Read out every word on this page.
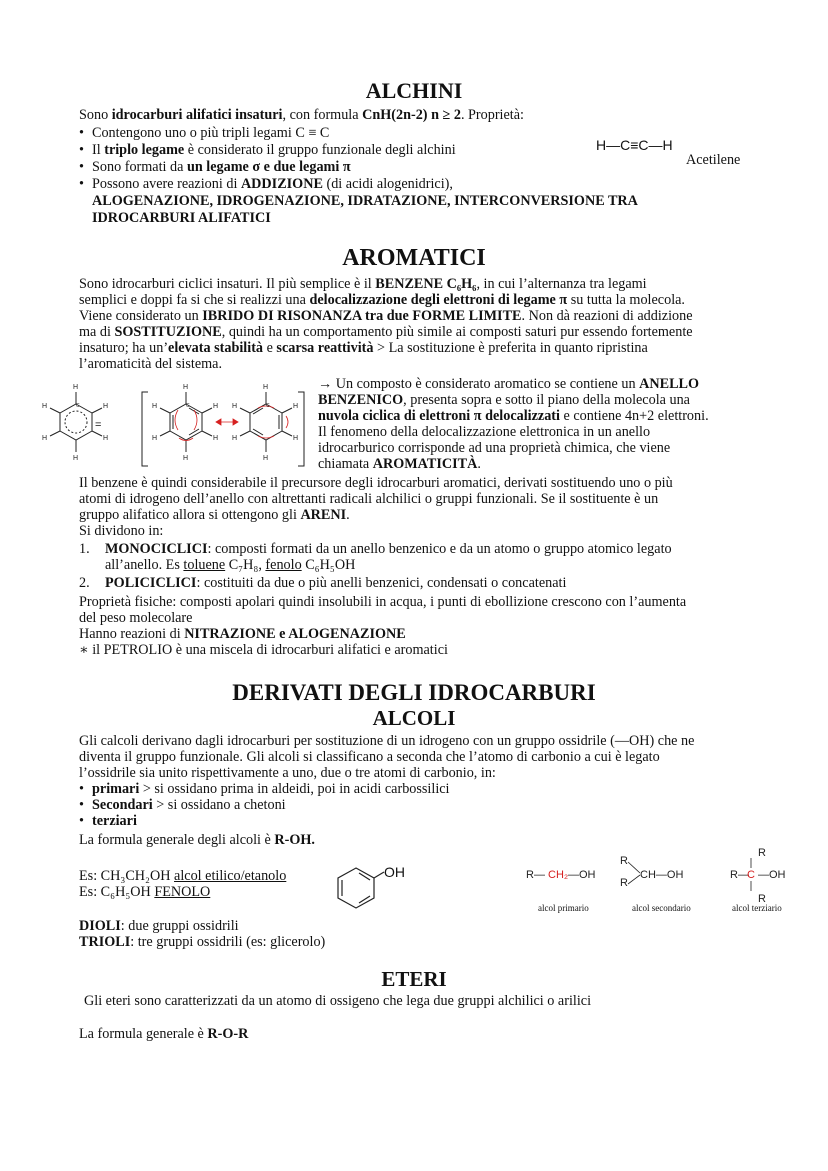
ALCHINI
Sono idrocarburi alifatici insaturi, con formula CnH(2n-2) n ≥ 2. Proprietà:
• Contengono uno o più tripli legami C ≡ C
• Il triplo legame è considerato il gruppo funzionale degli alchini
• Sono formati da un legame σ e due legami π
• Possono avere reazioni di ADDIZIONE (di acidi alogenidrici),
ALOGENAZIONE, IDROGENAZIONE, IDRATAZIONE, INTERCONVERSIONE TRA
IDROCARBURI ALIFATICI
H—C≡C—H
Acetilene
AROMATICI
Sono idrocarburi ciclici insaturi. Il più semplice è il BENZENE C₆H₆, in cui l’alternanza tra legami
semplici e doppi fa si che si realizzi una delocalizzazione degli elettroni di legame π su tutta la molecola.
Viene considerato un IBRIDO DI RISONANZA tra due FORME LIMITE. Non dà reazioni di addizione
ma di SOSTITUZIONE, quindi ha un comportamento più simile ai composti saturi pur essendo fortemente
insaturo; ha un’elevata stabilità e scarsa reattività > La sostituzione è preferita in quanto ripristina
l’aromaticità del sistema.
H
H
H
H
H
H
H
H
H
H
H
H
H
H
H
H
H
H
C	C	C
=
→ Un composto è considerato aromatico se contiene un ANELLO
BENZENICO, presenta sopra e sotto il piano della molecola una
nuvola ciclica di elettroni π delocalizzati e contiene 4n+2 elettroni.
Il fenomeno della delocalizzazione elettronica in un anello
idrocarburico corrisponde ad una proprietà chimica, che viene
chiamata AROMATICITÀ.
Il benzene è quindi considerabile il precursore degli idrocarburi aromatici, derivati sostituendo uno o più
atomi di idrogeno dell’anello con altrettanti radicali alchilici o gruppi funzionali. Se il sostituente è un
gruppo alifatico allora si ottengono gli ARENI.
Si dividono in:
1. MONOCICLICI: composti formati da un anello benzenico e da un atomo o gruppo atomico legato
all’anello. Es toluene C₇H₈, fenolo C₆H₅OH
2. POLICICLICI: costituiti da due o più anelli benzenici, condensati o concatenati
Proprietà fisiche: composti apolari quindi insolubili in acqua, i punti di ebollizione crescono con l’aumenta
del peso molecolare
Hanno reazioni di NITRAZIONE e ALOGENAZIONE
∗ il PETROLIO è una miscela di idrocarburi alifatici e aromatici
DERIVATI DEGLI IDROCARBURI
ALCOLI
Gli calcoli derivano dagli idrocarburi per sostituzione di un idrogeno con un gruppo ossidrile (—OH) che ne
diventa il gruppo funzionale. Gli alcoli si classificano a seconda che l’atomo di carbonio a cui è legato
l’ossidrile sia unito rispettivamente a uno, due o tre atomi di carbonio, in:
• primari > si ossidano prima in aldeidi, poi in acidi carbossilici
• Secondari > si ossidano a chetoni
• terziari
La formula generale degli alcoli è R-OH.
Es: CH₃CH₂OH alcol etilico/etanolo
Es: C₆H₅OH FENOLO
OH	R— CH₂ —OH
R
R
CH—OH
R
R—
C —OH
R
alcol primario	alcol secondario	alcol terziario
DIOLI: due gruppi ossidrili
TRIOLI: tre gruppi ossidrili (es: glicerolo)
ETERI
Gli eteri sono caratterizzati da un atomo di ossigeno che lega due gruppi alchilici o arilici
La formula generale è R-O-R
